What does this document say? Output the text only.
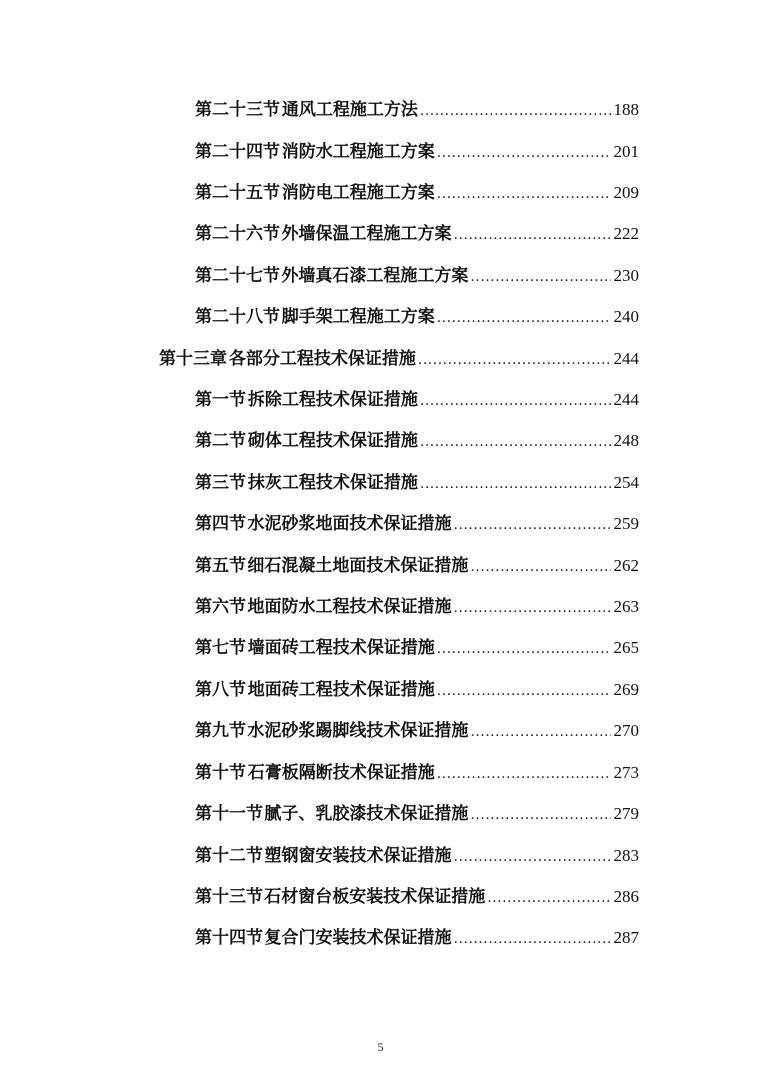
第二十三节 通风工程施工方法 .....	188
第二十四节 消防水工程施工方案 .....	201
第二十五节 消防电工程施工方案 .....	209
第二十六节 外墙保温工程施工方案 .....	222
第二十七节 外墙真石漆工程施工方案 .....	230
第二十八节 脚手架工程施工方案 .....	240
第十三章 各部分工程技术保证措施 .....	244
第一节 拆除工程技术保证措施 .....	244
第二节 砌体工程技术保证措施 .....	248
第三节 抹灰工程技术保证措施 .....	254
第四节 水泥砂浆地面技术保证措施 .....	259
第五节 细石混凝土地面技术保证措施 .....	262
第六节 地面防水工程技术保证措施 .....	263
第七节 墙面砖工程技术保证措施 .....	265
第八节 地面砖工程技术保证措施 .....	269
第九节 水泥砂浆踢脚线技术保证措施 .....	270
第十节 石膏板隔断技术保证措施 .....	273
第十一节 腻子、乳胶漆技术保证措施 .....	279
第十二节 塑钢窗安装技术保证措施 .....	283
第十三节 石材窗台板安装技术保证措施 .....	286
第十四节 复合门安装技术保证措施 .....	287
5
